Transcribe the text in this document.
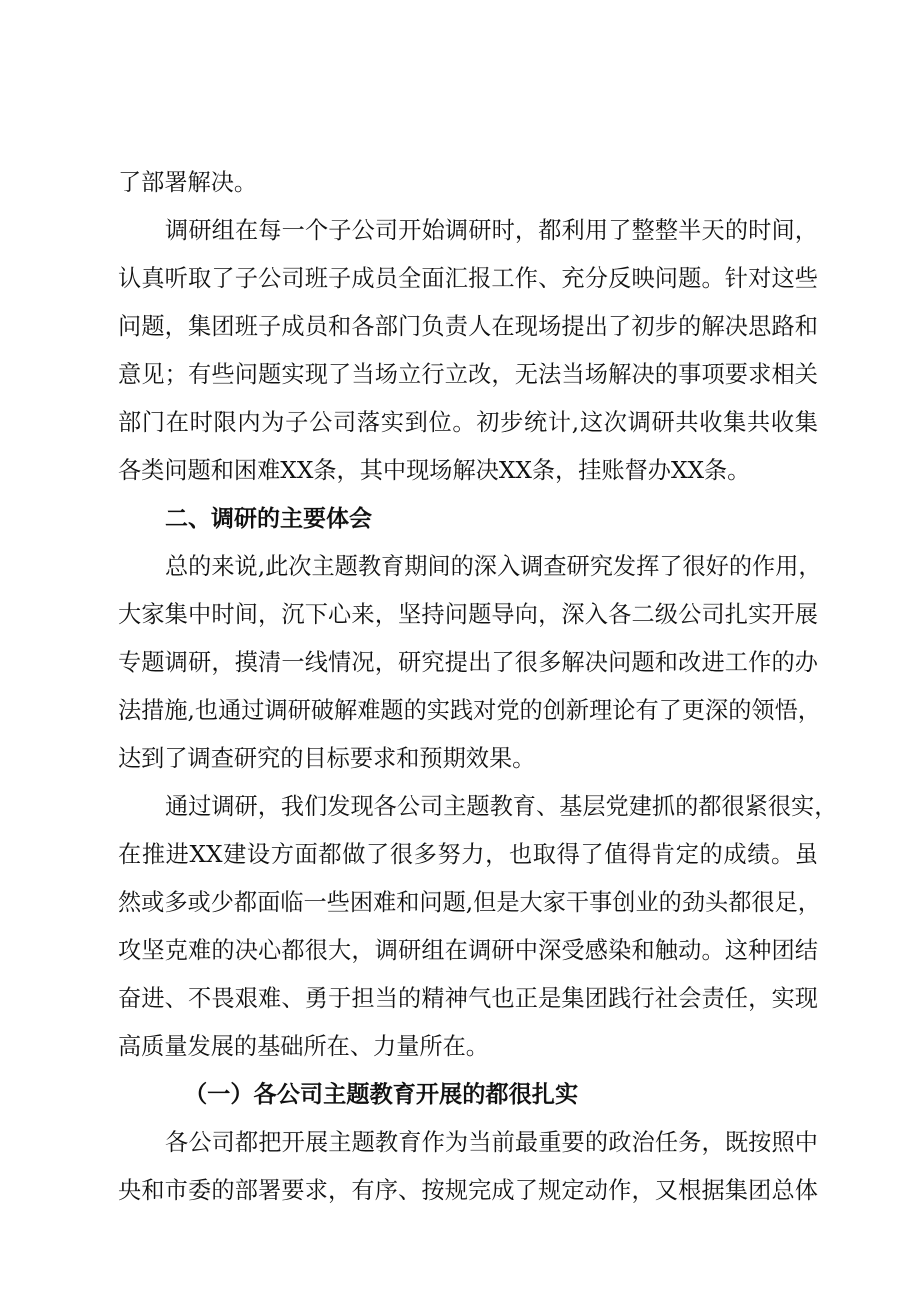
了部署解决。
调研组在每一个子公司开始调研时，都利用了整整半天的时间，
认真听取了子公司班子成员全面汇报工作、充分反映问题。针对这些
问题，集团班子成员和各部门负责人在现场提出了初步的解决思路和
意见；有些问题实现了当场立行立改，无法当场解决的事项要求相关
部门在时限内为子公司落实到位。初步统计,这次调研共收集共收集
各类问题和困难XX条，其中现场解决XX条，挂账督办XX条。
二、调研的主要体会
总的来说,此次主题教育期间的深入调查研究发挥了很好的作用，
大家集中时间，沉下心来，坚持问题导向，深入各二级公司扎实开展
专题调研，摸清一线情况，研究提出了很多解决问题和改进工作的办
法措施,也通过调研破解难题的实践对党的创新理论有了更深的领悟，
达到了调查研究的目标要求和预期效果。
通过调研，我们发现各公司主题教育、基层党建抓的都很紧很实，
在推进XX建设方面都做了很多努力，也取得了值得肯定的成绩。虽
然或多或少都面临一些困难和问题,但是大家干事创业的劲头都很足，
攻坚克难的决心都很大，调研组在调研中深受感染和触动。这种团结
奋进、不畏艰难、勇于担当的精神气也正是集团践行社会责任，实现
高质量发展的基础所在、力量所在。
（一）各公司主题教育开展的都很扎实
各公司都把开展主题教育作为当前最重要的政治任务，既按照中
央和市委的部署要求，有序、按规完成了规定动作，又根据集团总体
